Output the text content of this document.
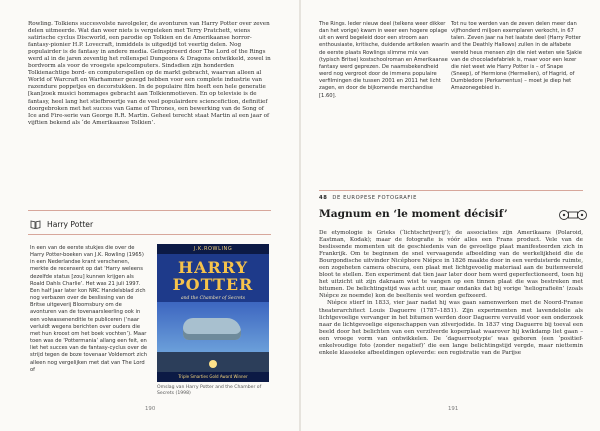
Rowling. Tolkiens succesvolste navolgeler, de avonturen van Harry Potter over zeven delen uitmeerde. Wat dan weer niets is vergeleken met Terry Pratchett, wiens satirische cyclus Discworld, een parodie op Tolkien en de Amerikaanse horror-fantasy-pionier H.P. Lovecraft, inmiddels is uitgedijd tot veertig delen. Nog populairder is de fantasy in andere media. Geïnspireerd door The Lord of the Rings werd al in de jaren zeventig het rollenspel Dungeons & Dragons ontwikkeld, zowel in bordvorm als voor de vroegste spelcomputers. Sindsdien zijn honderden Tolkienachtige bord- en computerspellen op de markt gebracht, waarvan alleen al World of Warcraft en Warhammer gezegd hebben voor een complete industrie van razendure poppetjes en decorstukken. In de populaire film heeft een hele generatie [kan]zoek musici hommages gebracht aan Tolkienmotieven. En op televisie is de fantasy, heel lang het stiefbroertje van de veel populairdere sciencefiction, definitief doorgebroken met het succes van Game of Thrones, een bewerking van de Song of Ice and Fire-serie van George R.R. Martin. Geheel terecht staat Martin al een jaar of vijftien bekend als ‘de Amerikaanse Tolkien’.

Harry Potter

In een van de eerste stukjes die over de Harry Potter-boeken van J.K. Rowling (1965) in een Nederlandse krant verschenen, merkte de recensent op dat ‘Harry weleens dezelfde status [zou] kunnen krijgen als Roald Dahls Charlie’. Het was 21 juli 1997. Een half jaar later kon NRC Handelsblad zich nog verbazen over de beslissing van de Britse uitgeverij Bloomsbury om de avonturen van de tovenaarsleerling ook in een volwassenenditie te publiceren (‘naar verluidt wegens berichten over ouders die met hun kroost om het boek vochten’). Maar toen was de ‘Pottermania’ allang een feit, en liet het succes van de fantasy-cyclus over de strijd tegen de boze tovenaar Voldemort zich alleen nog vergelijken met dat van The Lord of

J.K.ROWLING
HARRY
POTTER
and the Chamber of Secrets
Triple Smarties Gold Award Winner
Omslag van Harry Potter and the Chamber of Secrets (1998)
190

The Rings. Ieder nieuw deel (telkens weer dikker dan het vorige) kwam in weer een hogere oplage uit en werd begeleid door een stroom aan enthousiaste, kritische, duidende artikelen waarin de eerste plaats Rowlings slimme mix van (typisch Britse) kostschoolroman en Amerikaanse fantasy werd geprezen. De naamsbekendheid werd nog vergroot door de immens populaire verfilmingen die tussen 2001 en 2011 het licht zagen, en door de bijkomende merchandise [1.60].

Tot nu toe werden van de zeven delen meer dan vijfhonderd miljoen exemplaren verkocht, in 67 talen. Zeven jaar na het laatste deel (Harry Potter and the Deathly Hallows) zullen in de alfabete wereld heus mensen zijn die niet weten wie Sjakie van de chocoladefabriek is, maar voor een lezer die niet weet wie Harry Potter is – of Snape (Sneep), of Hermione (Hermelien), of Hagrid, of Dumbledore (Perkamentus) – moet je diep het Amazonegebied in.

48 DE EUROPESE FOTOGRAFIE
Magnum en ‘le moment décisif’

De etymologie is Grieks (‘lichtschrijverij’); de associaties zijn Amerikaans (Polaroid, Eastman, Kodak); maar de fotografie is vóór alles een Frans product. Vele van de beslissende momenten uit de geschiedenis van de gevoelige plaat manifesteerden zich in Frankrijk. Om te beginnen de snel vervaagende afbeelding van de werkelijkheid die de Bourgondische uitvinder Nicéphore Niépce in 1826 maakte door in een verduisterde ruimte, een zogeheten camera obscura, een plaat met lichtgevoelig materiaal aan de buitenwereld bloot te stellen. Een experiment dat tien jaar later door hem werd geperfectioneerd, toen hij het uitzicht uit zijn dakraam wist te vangen op een tinnen plaat die was bestreken met bitumen. De belichtingstijd was acht uur, maar ondanks dat bij vorige ‘heliografieën’ (zoals Niépce ze noemde) kon de beeltenis wel worden gefixeerd.

Niépce stierf in 1833, vier jaar nadat hij was gaan samenwerken met de Noord-Franse theaterarchitect Louis Daguerre (1787–1851). Zijn experimenten met lavendelolie als lichtgevoelige vervanger in het bitumen werden door Daguerre vervuild voor een onderzoek naar de lichtgevoelige eigenschappen van zilverjodide. In 1837 ving Daguerre bij toeval een beeld door het belichten van een verzilverde koperplaat waarover hij kwikdamp liet gaan – een vroege vorm van ontwikkelen. De ‘daguerreotypie’ was geboren (een ‘positief-enkelvoudige foto (zonder negatief)’ die een lange belichtingstijd vergde, maar niettemin enkele klassieke afbeeldingen opleverde: een registratie van de Parijse

191
